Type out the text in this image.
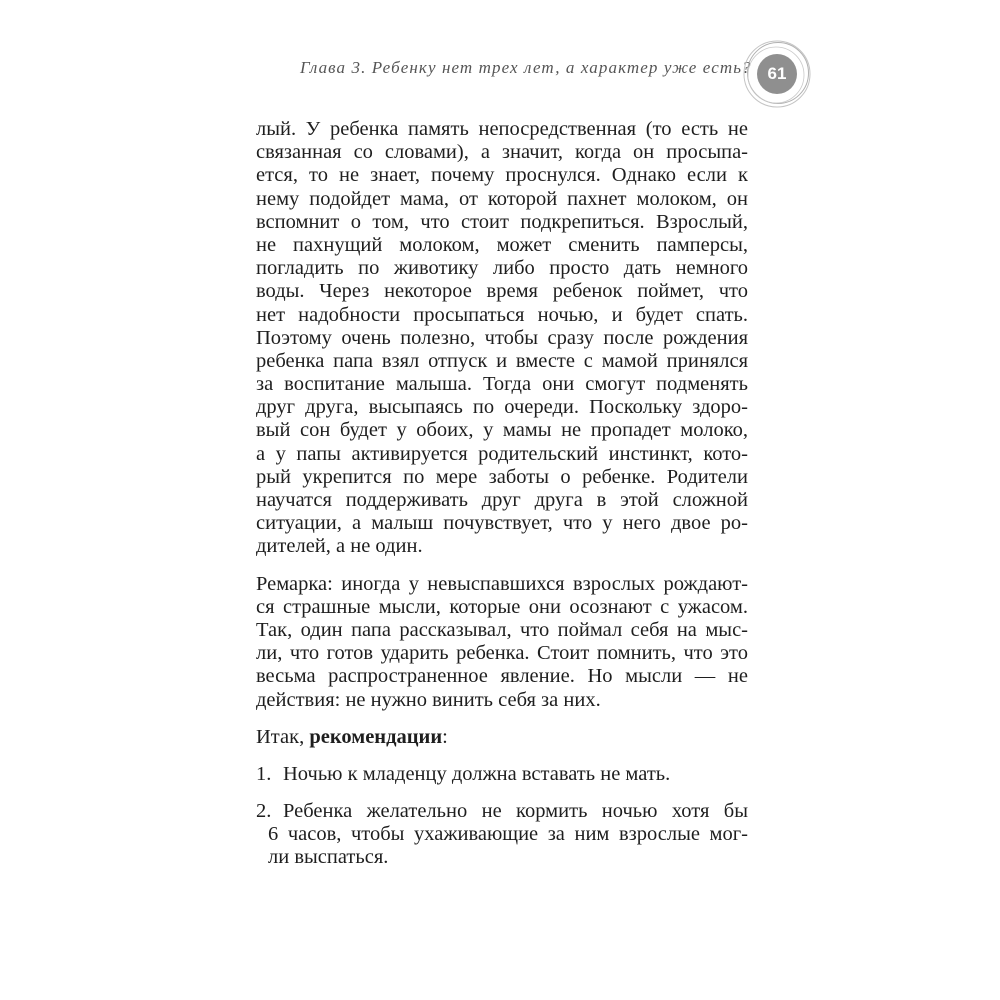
Глава 3. Ребенку нет трех лет, а характер уже есть? 61
лый. У ребенка память непосредственная (то есть не
связанная со словами), а значит, когда он просыпа-
ется, то не знает, почему проснулся. Однако если к
нему подойдет мама, от которой пахнет молоком, он
вспомнит о том, что стоит подкрепиться. Взрослый,
не пахнущий молоком, может сменить памперсы,
погладить по животику либо просто дать немного
воды. Через некоторое время ребенок поймет, что
нет надобности просыпаться ночью, и будет спать.
Поэтому очень полезно, чтобы сразу после рождения
ребенка папа взял отпуск и вместе с мамой принялся
за воспитание малыша. Тогда они смогут подменять
друг друга, высыпаясь по очереди. Поскольку здоро-
вый сон будет у обоих, у мамы не пропадет молоко,
а у папы активируется родительский инстинкт, кото-
рый укрепится по мере заботы о ребенке. Родители
научатся поддерживать друг друга в этой сложной
ситуации, а малыш почувствует, что у него двое ро-
дителей, а не один.
Ремарка: иногда у невыспавшихся взрослых рождают-
ся страшные мысли, которые они осознают с ужасом.
Так, один папа рассказывал, что поймал себя на мыс-
ли, что готов ударить ребенка. Стоит помнить, что это
весьма распространенное явление. Но мысли — не
действия: не нужно винить себя за них.
Итак, рекомендации:
1. Ночью к младенцу должна вставать не мать.
2. Ребенка желательно не кормить ночью хотя бы
6 часов, чтобы ухаживающие за ним взрослые мог-
ли выспаться.
